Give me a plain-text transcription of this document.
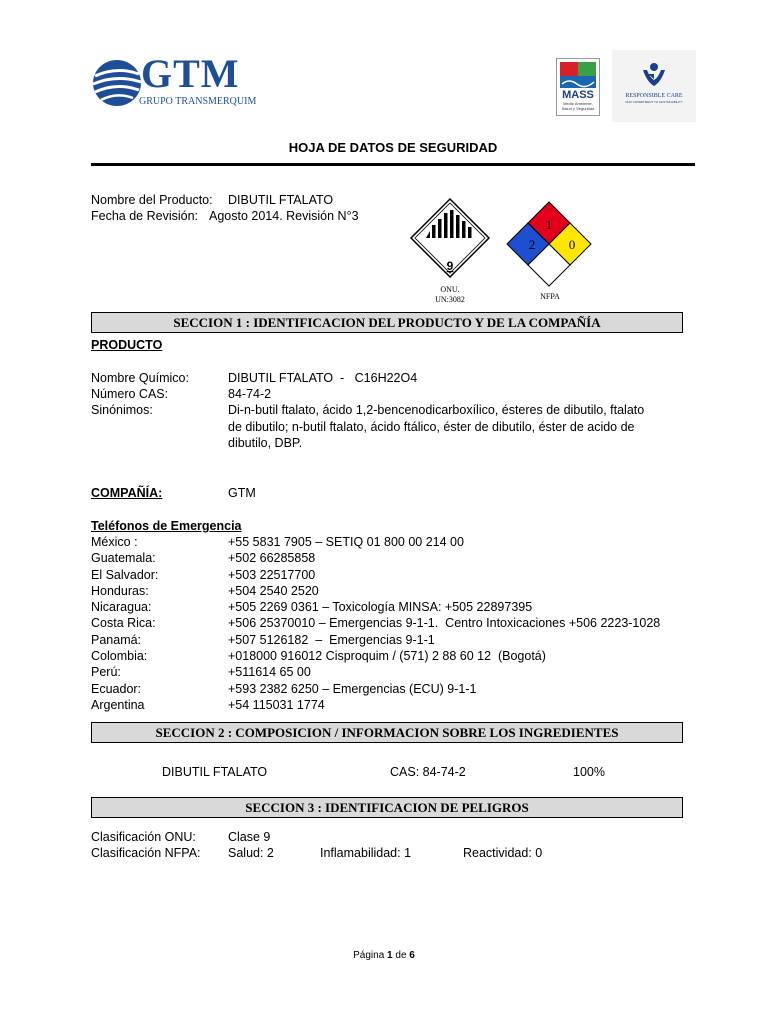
GTM
GRUPO TRANSMERQUIM
MASS
Medio Ambiente,
Salud y Seguridad
RESPONSIBLE CARE
OUR COMMITMENT TO SUSTAINABILITY
HOJA DE DATOS DE SEGURIDAD
Nombre del Producto: DIBUTIL FTALATO
Fecha de Revisión: Agosto 2014. Revisión N°3
9
ONU.
UN:3082
1
2	0
NFPA
SECCION 1 : IDENTIFICACION DEL PRODUCTO Y DE LA COMPAÑÍA
PRODUCTO
Nombre Químico:	DIBUTIL FTALATO  -   C16H22O4
Número CAS:	84-74-2
Sinónimos:	Di-n-butil ftalato, ácido 1,2-bencenodicarboxílico, ésteres de dibutilo, ftalato
de dibutilo; n-butil ftalato, ácido ftálico, éster de dibutilo, éster de acido de
dibutilo, DBP.
COMPAÑÍA:	GTM
Teléfonos de Emergencia
México :	+55 5831 7905 – SETIQ 01 800 00 214 00
Guatemala:	+502 66285858
El Salvador:	+503 22517700
Honduras:	+504 2540 2520
Nicaragua:	+505 2269 0361 – Toxicología MINSA: +505 22897395
Costa Rica:	+506 25370010 – Emergencias 9-1-1.  Centro Intoxicaciones +506 2223-1028
Panamá:	+507 5126182  –  Emergencias 9-1-1
Colombia:	+018000 916012 Cisproquim / (571) 2 88 60 12  (Bogotá)
Perú:	+511614 65 00
Ecuador:	+593 2382 6250 – Emergencias (ECU) 9-1-1
Argentina	+54 115031 1774
SECCION 2 : COMPOSICION / INFORMACION SOBRE LOS INGREDIENTES
DIBUTIL FTALATO	CAS: 84-74-2	100%
SECCION 3 : IDENTIFICACION DE PELIGROS
Clasificación ONU:	Clase 9
Clasificación NFPA: Salud: 2	Inflamabilidad: 1	Reactividad: 0
Página 1 de 6
